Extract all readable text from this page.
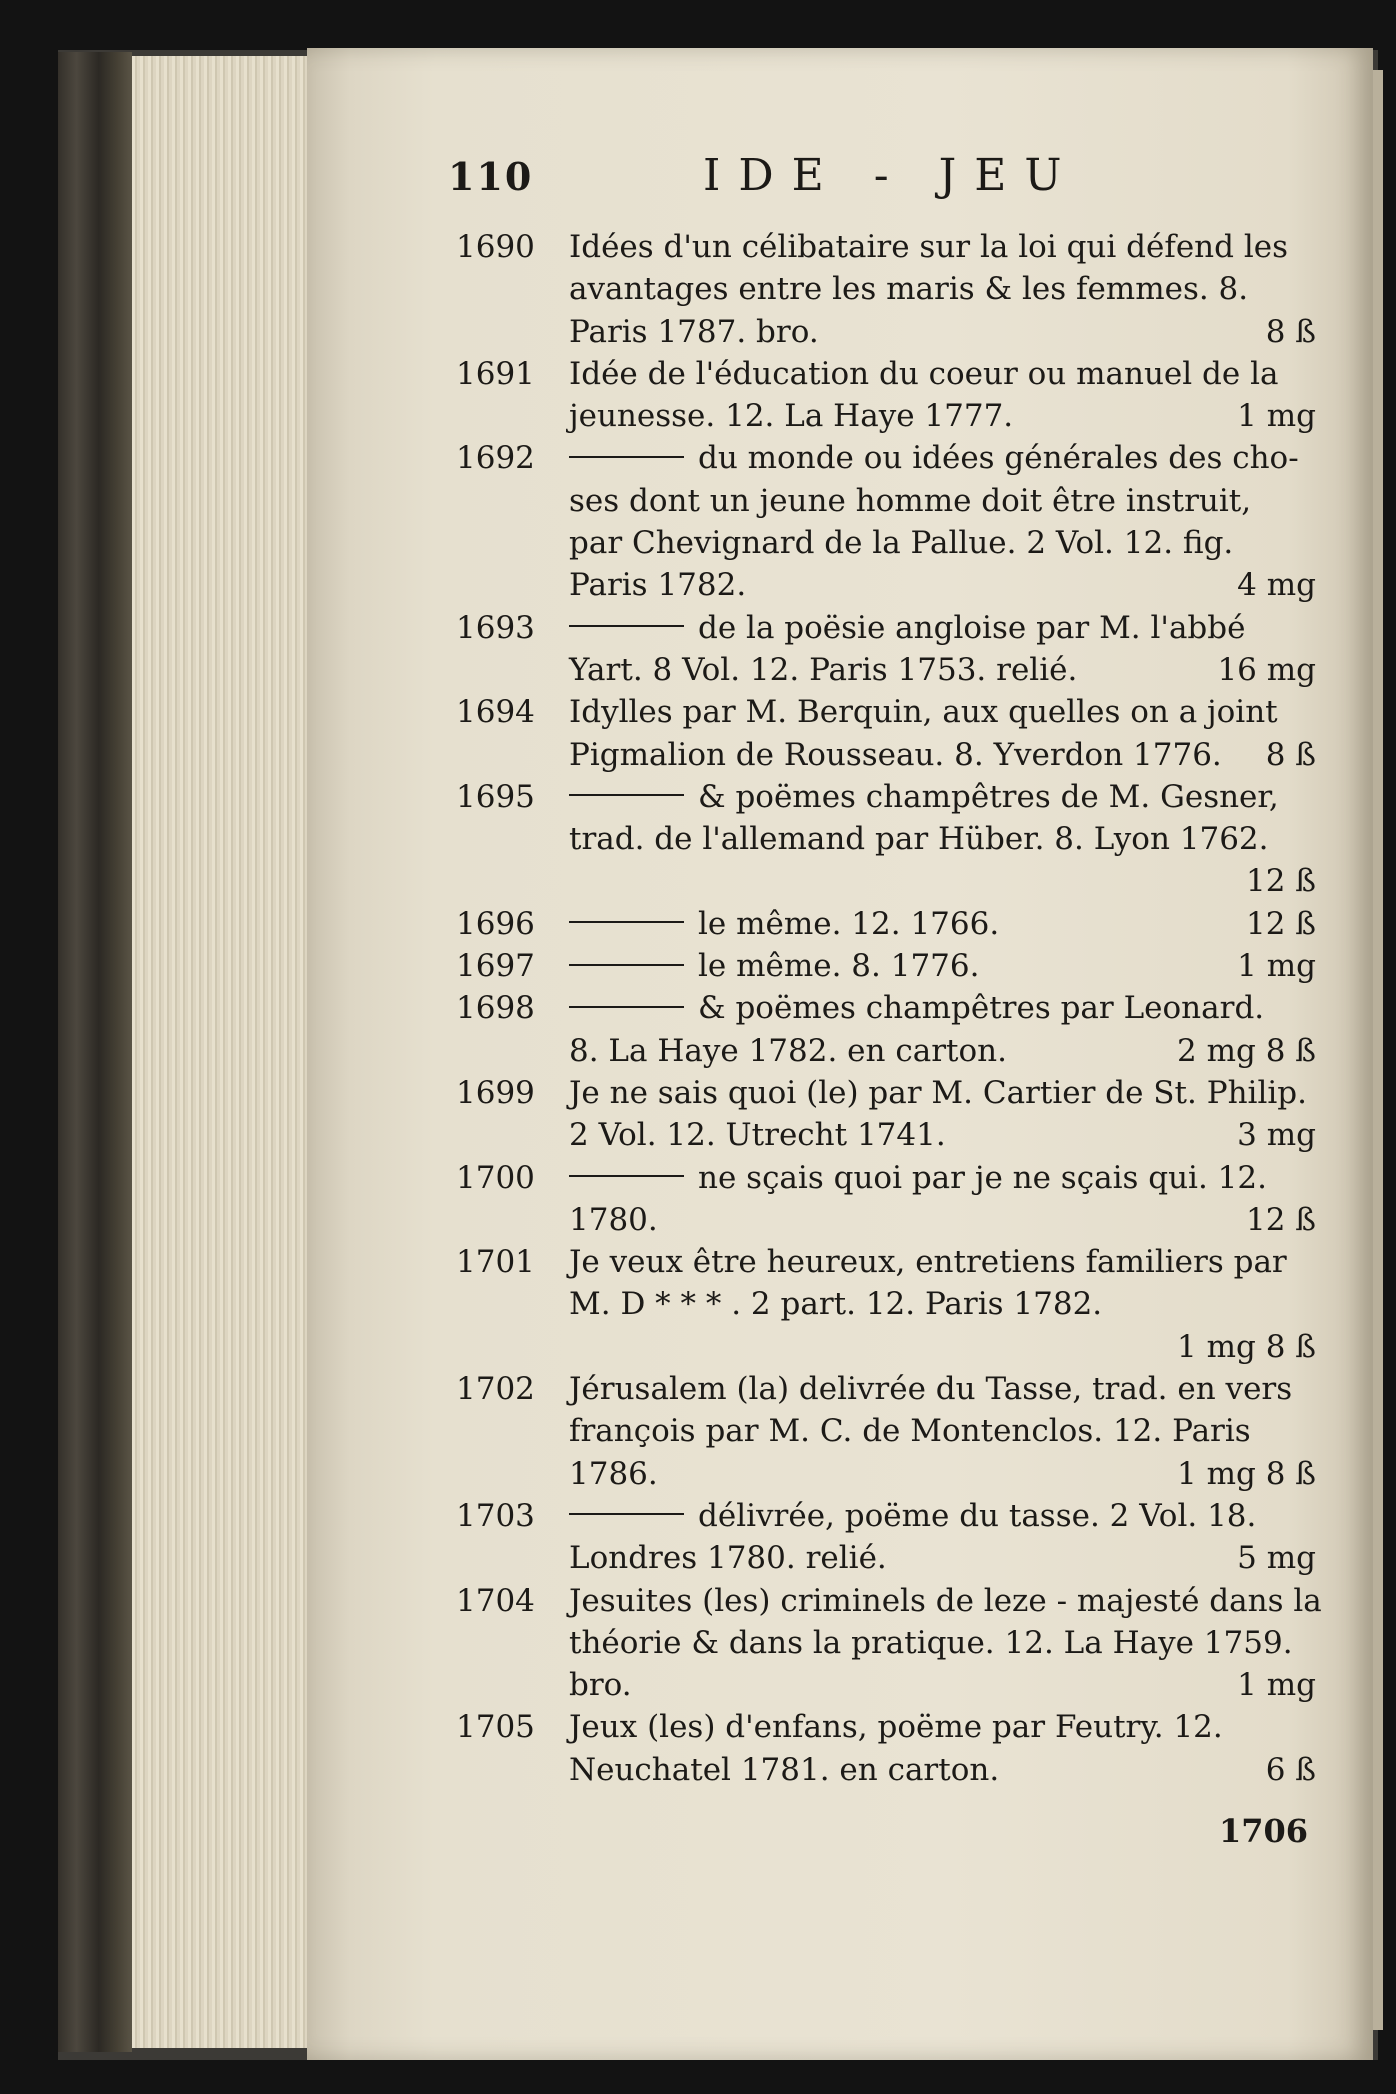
110	IDE - JEU
1690 Idées d'un célibataire sur la loi qui défend les
avantages entre les maris & les femmes. 8.
Paris 1787. bro.	8 ß
1691 Idée de l'éducation du coeur ou manuel de la
jeunesse. 12. La Haye 1777.	1 mg
1692	du monde ou idées générales des cho-
ses dont un jeune homme doit être instruit,
par Chevignard de la Pallue. 2 Vol. 12. fig.
Paris 1782.	4 mg
1693	de la poësie angloise par M. l'abbé
Yart. 8 Vol. 12. Paris 1753. relié.	16 mg
1694 Idylles par M. Berquin, aux quelles on a joint
Pigmalion de Rousseau. 8. Yverdon 1776. 8 ß
1695	& poëmes champêtres de M. Gesner,
trad. de l'allemand par Hüber. 8. Lyon 1762.
12 ß
1696	le même. 12. 1766.	12 ß
1697	le même. 8. 1776.	1 mg
1698	& poëmes champêtres par Leonard.
8. La Haye 1782. en carton.	2 mg 8 ß
1699 Je ne sais quoi (le) par M. Cartier de St. Philip.
2 Vol. 12. Utrecht 1741.	3 mg
1700	ne sçais quoi par je ne sçais qui. 12.
1780.	12 ß
1701 Je veux être heureux, entretiens familiers par
M. D * * * . 2 part. 12. Paris 1782.
1 mg 8 ß
1702 Jérusalem (la) delivrée du Tasse, trad. en vers
françois par M. C. de Montenclos. 12. Paris
1786.	1 mg 8 ß
1703	délivrée, poëme du tasse. 2 Vol. 18.
Londres 1780. relié.	5 mg
1704 Jesuites (les) criminels de leze - majesté dans la
théorie & dans la pratique. 12. La Haye 1759.
bro.	1 mg
1705 Jeux (les) d'enfans, poëme par Feutry. 12.
Neuchatel 1781. en carton.	6 ß
1706
